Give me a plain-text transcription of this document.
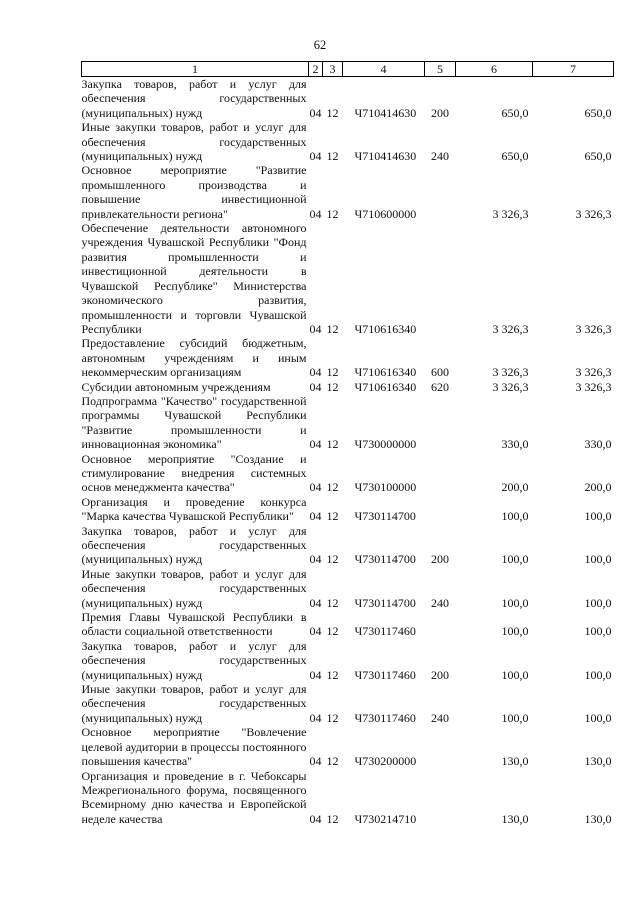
62
1	2	3	4	5	6	7
Закупка товаров, работ и услуг для обеспечения государственных (муниципальных) нужд	04	12	Ч710414630	200	650,0	650,0
Иные закупки товаров, работ и услуг для обеспечения государственных (муниципальных) нужд	04	12	Ч710414630	240	650,0	650,0
Основное мероприятие "Развитие промышленного производства и повышение инвестиционной привлекательности региона"	04	12	Ч710600000		3 326,3	3 326,3
Обеспечение деятельности автономного учреждения Чувашской Республики "Фонд развития промышленности и инвестиционной деятельности в Чувашской Республике" Министерства экономического развития, промышленности и торговли Чувашской Республики	04	12	Ч710616340		3 326,3	3 326,3
Предоставление субсидий бюджетным, автономным учреждениям и иным некоммерческим организациям	04	12	Ч710616340	600	3 326,3	3 326,3
Субсидии автономным учреждениям	04	12	Ч710616340	620	3 326,3	3 326,3
Подпрограмма "Качество" государственной программы Чувашской Республики "Развитие промышленности и инновационная экономика"	04	12	Ч730000000		330,0	330,0
Основное мероприятие "Создание и стимулирование внедрения системных основ менеджмента качества"	04	12	Ч730100000		200,0	200,0
Организация и проведение конкурса "Марка качества Чувашской Республики"	04	12	Ч730114700		100,0	100,0
Закупка товаров, работ и услуг для обеспечения государственных (муниципальных) нужд	04	12	Ч730114700	200	100,0	100,0
Иные закупки товаров, работ и услуг для обеспечения государственных (муниципальных) нужд	04	12	Ч730114700	240	100,0	100,0
Премия Главы Чувашской Республики в области социальной ответственности	04	12	Ч730117460		100,0	100,0
Закупка товаров, работ и услуг для обеспечения государственных (муниципальных) нужд	04	12	Ч730117460	200	100,0	100,0
Иные закупки товаров, работ и услуг для обеспечения государственных (муниципальных) нужд	04	12	Ч730117460	240	100,0	100,0
Основное мероприятие "Вовлечение целевой аудитории в процессы постоянного повышения качества"	04	12	Ч730200000		130,0	130,0
Организация и проведение в г. Чебоксары Межрегионального форума, посвященного Всемирному дню качества и Европейской неделе качества	04	12	Ч730214710		130,0	130,0
